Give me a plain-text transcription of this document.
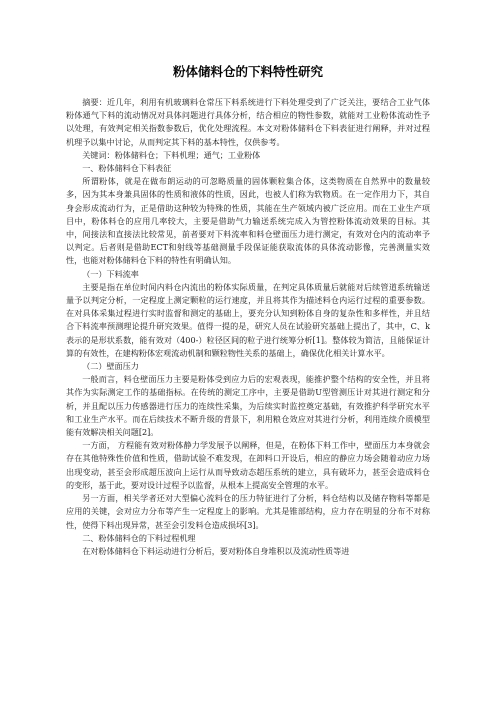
粉体储料仓的下料特性研究

摘要：近几年，利用有机玻璃料仓常压下料系统进行下料处理受到了广泛关注，要结合工业气体粉体通气下料的流动情况对具体问题进行具体分析，结合相应的物性参数，就能对工业粉体流动性予以处理，有效判定相关指数参数后，优化处理流程。本文对粉体储料仓下料表征进行阐释，并对过程机理予以集中讨论，从而判定其下料的基本特性，仅供参考。

关键词：粉体储料仓；下料机理；通气；工业粉体

一、粉体储料仓下料表征

所谓粉体，就是在做布朗运动的可忽略质量的固体颗粒集合体，这类物质在自然界中的数量较多，因为其本身兼具固体的性质和液体的性质，因此，也被人们称为软物质。在一定作用力下，其自身会形成流动行为，正是借助这种较为特殊的性质，其能在生产领域内被广泛应用。而在工业生产项目中，粉体料仓的应用几率较大，主要是借助气力输送系统完成入为管控粉体流动效果的目标。其中，间接法和直接法比较常见，前者要对下料流率和料仓壁面压力进行测定，有效对仓内的流动率予以判定。后者则是借助ECT和射线等基础测量手段保证能获取流体的具体流动影像，完善测量实效性，也能对粉体储料仓下料的特性有明确认知。

（一）下料流率

主要是指在单位时间内料仓内流出的粉体实际质量，在判定具体质量后就能对后续管道系统输送量予以判定分析，一定程度上测定颗粒的运行速度，并且将其作为描述料仓内运行过程的重要参数。在对具体采集过程进行实时监督和测定的基础上，要充分认知到粉体自身的复杂性和多样性，并且结合下料流率预测理论提升研究效果。值得一提的是，研究人员在试验研究基础上提出了，其中，C、k表示的是形状系数，能有效对（400-）粒径区间的粒子进行统筹分析[1]。整体较为简洁，且能保证计算的有效性，在建构粉体宏观流动机制和颗粒物性关系的基础上，确保优化相关计算水平。

（二）壁面压力

一般而言，料仓壁面压力主要是粉体受到应力后的宏观表现，能推护整个结构的安全性，并且将其作为实际测定工作的基础指标。在传统的测定工序中，主要是借助U型管测压计对其进行测定和分析，并且配以压力传感器进行压力的连续性采集，为后续实时监控奠定基础，有效推护科学研究水平和工业生产水平。而在后续技术不断升级的背景下，利用粮仓效应对其进行分析，利用连续介质模型能有效解决相关问题[2]。

一方面， 方程能有效对粉体静力学发展予以阐释，但是，在粉体下料工作中，壁面压力本身就会存在其他特殊性价值和性质，借助试验不难发现，在卸料口开设后，相应的静应力场会随着动应力场出现变动，甚至会形成超压波向上运行从而导致动态超压系统的建立，具有破坏力，甚至会造成料仓的变形，基于此，要对设计过程予以监督，从根本上提高安全管理的水平。

另一方面，相关学者还对大型偏心流料仓的压力特征进行了分析，料仓结构以及储存物料等都是应用的关键，会对应力分布等产生一定程度上的影响。尤其是锥部结构，应力存在明显的分布不对称性，使得下料出现异常，甚至会引发料仓造成损坏[3]。

二、粉体储料仓的下料过程机理

在对粉体储料仓下料运动进行分析后，要对粉体自身堆积以及流动性质等进
